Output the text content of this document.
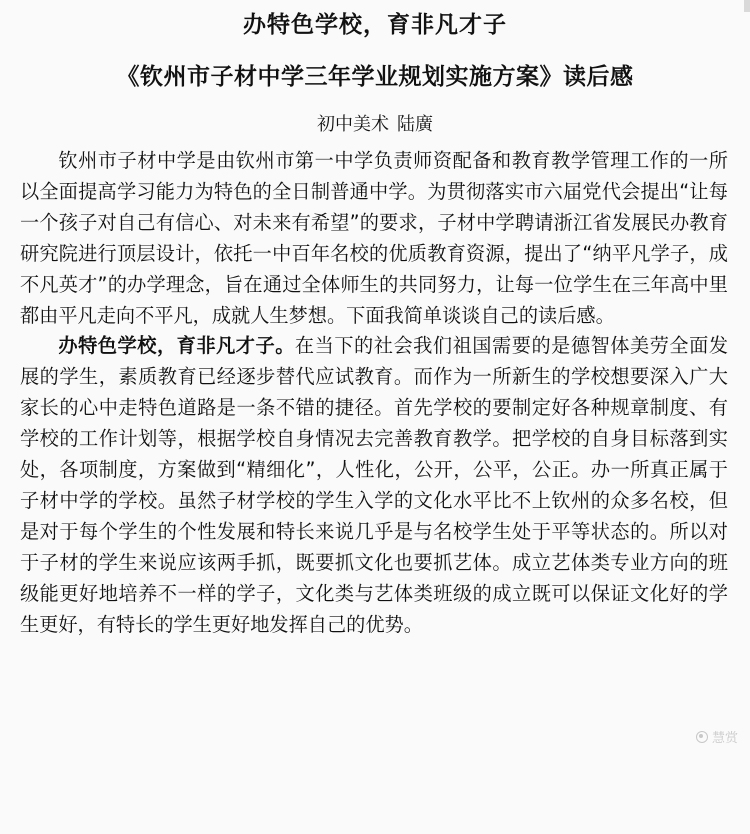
办特色学校，育非凡才子
《钦州市子材中学三年学业规划实施方案》读后感
初中美术 陆廣

钦州市子材中学是由钦州市第一中学负责师资配备和教育教学管理工作的一所以全面提高学习能力为特色的全日制普通中学。为贯彻落实市六届党代会提出“让每一个孩子对自己有信心、对未来有希望”的要求，子材中学聘请浙江省发展民办教育研究院进行顶层设计，依托一中百年名校的优质教育资源，提出了“纳平凡学子，成不凡英才”的办学理念，旨在通过全体师生的共同努力，让每一位学生在三年高中里都由平凡走向不平凡，成就人生梦想。下面我简单谈谈自己的读后感。

办特色学校，育非凡才子。在当下的社会我们祖国需要的是德智体美劳全面发展的学生，素质教育已经逐步替代应试教育。而作为一所新生的学校想要深入广大家长的心中走特色道路是一条不错的捷径。首先学校的要制定好各种规章制度、有学校的工作计划等，根据学校自身情况去完善教育教学。把学校的自身目标落到实处，各项制度，方案做到“精细化”，人性化，公开，公平，公正。办一所真正属于子材中学的学校。虽然子材学校的学生入学的文化水平比不上钦州的众多名校，但是对于每个学生的个性发展和特长来说几乎是与名校学生处于平等状态的。所以对于子材的学生来说应该两手抓，既要抓文化也要抓艺体。成立艺体类专业方向的班级能更好地培养不一样的学子，文化类与艺体类班级的成立既可以保证文化好的学生更好，有特长的学生更好地发挥自己的优势。

慧赏
